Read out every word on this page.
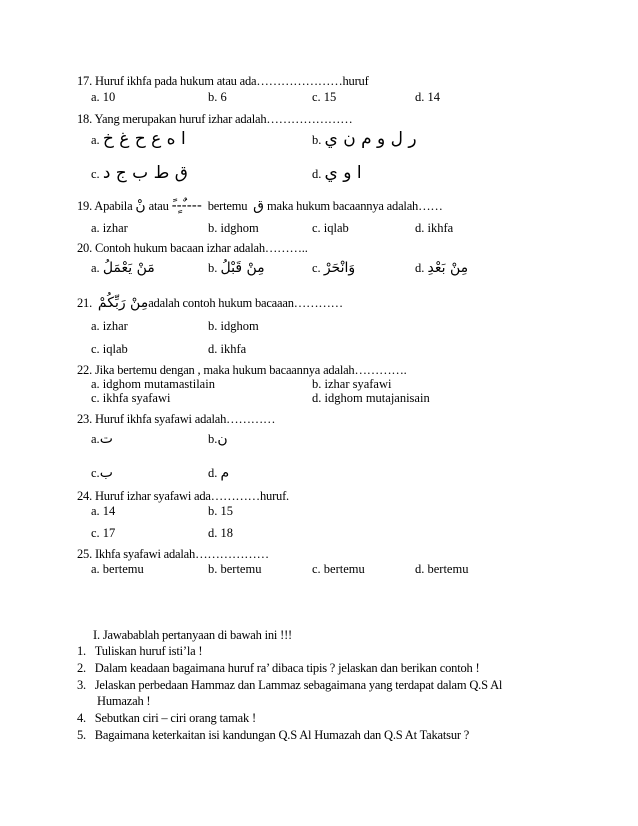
17. Huruf ikhfa pada hukum atau ada…………………huruf
a. 10	b. 6	c. 15	d. 14
18. Yang merupakan huruf izhar adalah…………………
a. ا ه ع ح غ خ	b. ر ل و م ن ي
c. ق ط ب ج د	d. ا و ي
19. Apabila نْ atau -ً-ٍ-ٌ--- bertemu ق maka hukum bacaannya adalah……
a. izhar	b. idghom	c. iqlab	d. ikhfa
20. Contoh hukum bacaan izhar adalah………..
a. مَنْ يَعْمَلُ	b. مِنْ قَبْلُ	c. وَانْحَرْ	d. مِنْ بَعْدِ
21. مِنْ رَبِّكُمْadalah contoh hukum bacaaan…………
a. izhar	b. idghom
c. iqlab	d. ikhfa
22. Jika bertemu dengan , maka hukum bacaannya adalah………….
a. idghom mutamastilain	b. izhar syafawi
c. ikhfa syafawi	d. idghom mutajanisain
23. Huruf ikhfa syafawi adalah…………
a.ت	b.ن
c.ب	d. م
24. Huruf izhar syafawi ada…………huruf.
a. 14	b. 15
c. 17	d. 18
25. Ikhfa syafawi adalah………………
a. bertemu	b. bertemu	c. bertemu	d. bertemu
I. Jawabablah pertanyaan di bawah ini !!!
1. Tuliskan huruf isti’la !
2. Dalam keadaan bagaimana huruf ra’ dibaca tipis ? jelaskan dan berikan contoh !
3. Jelaskan perbedaan Hammaz dan Lammaz sebagaimana yang terdapat dalam Q.S Al
Humazah !
4. Sebutkan ciri – ciri orang tamak !
5. Bagaimana keterkaitan isi kandungan Q.S Al Humazah dan Q.S At Takatsur ?
